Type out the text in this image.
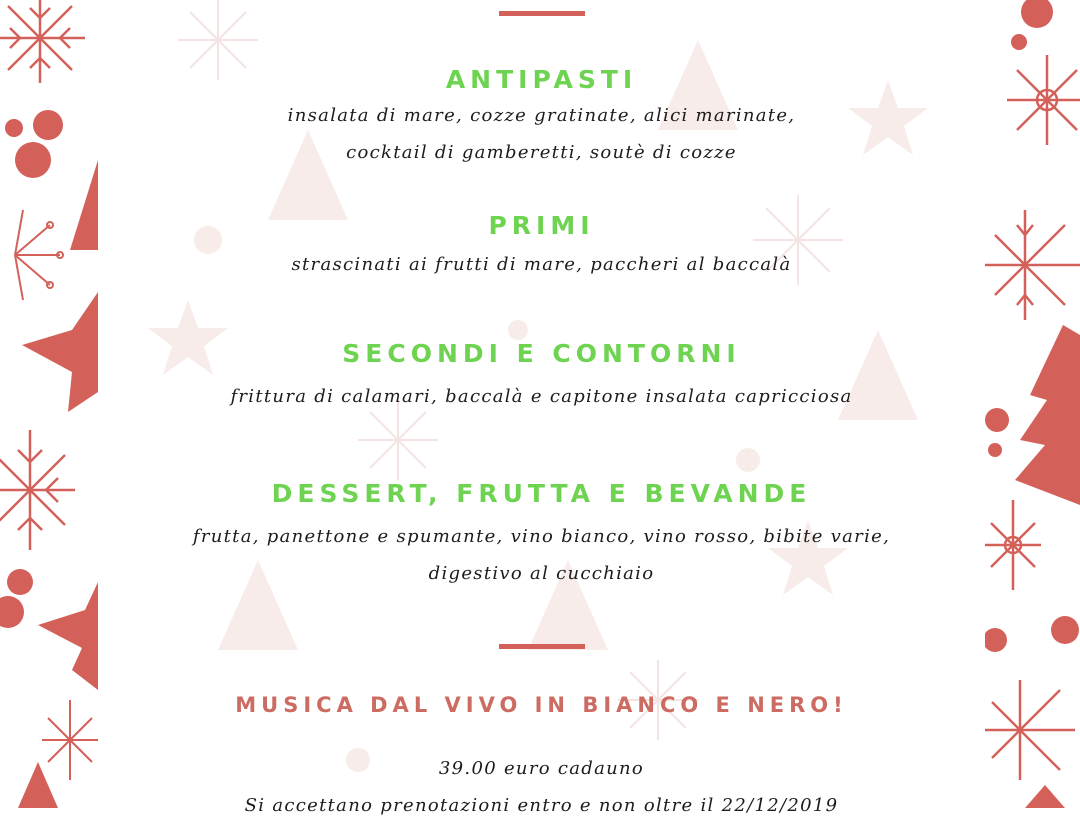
ANTIPASTI
insalata di mare, cozze gratinate, alici marinate,
cocktail di gamberetti, soutè di cozze
PRIMI
strascinati ai frutti di mare, paccheri al baccalà
SECONDI E CONTORNI
frittura di calamari, baccalà e capitone insalata capricciosa
DESSERT, FRUTTA E BEVANDE
frutta, panettone e spumante, vino bianco, vino rosso, bibite varie,
digestivo al cucchiaio
MUSICA DAL VIVO IN BIANCO E NERO!
39.00 euro cadauno
Si accettano prenotazioni entro e non oltre il 22/12/2019
